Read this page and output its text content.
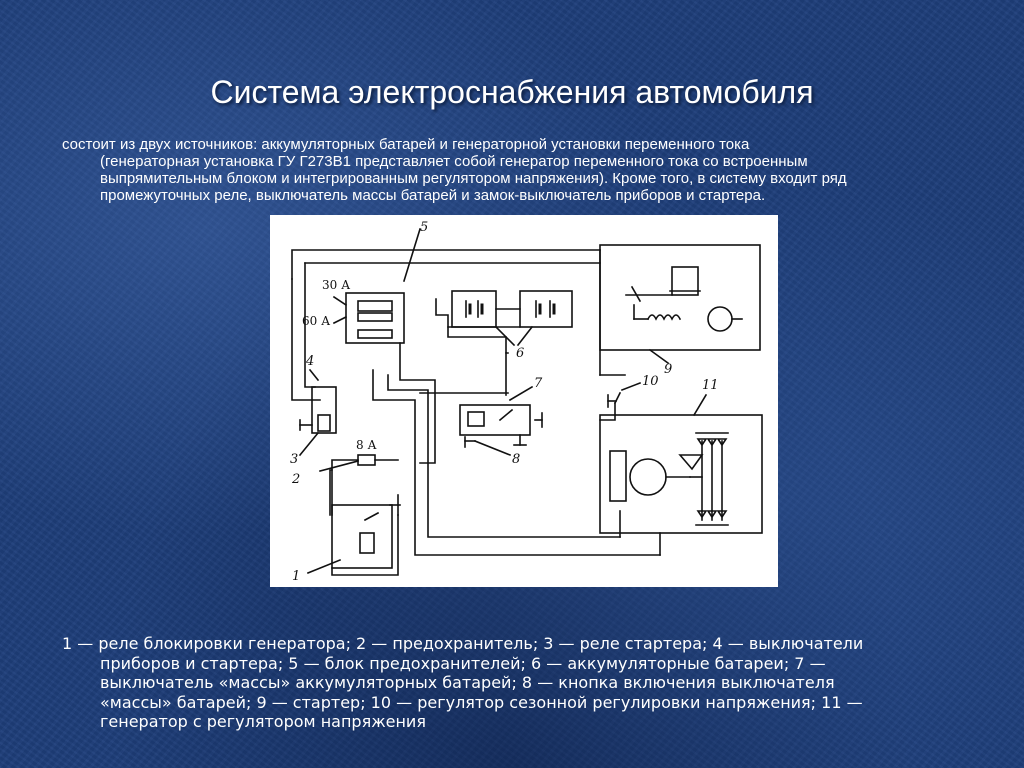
Система электроснабжения автомобиля
состоит из двух источников: аккумуляторных батарей и генераторной установки переменного тока
(генераторная установка ГУ Г273В1 представляет собой генератор переменного тока со встроенным
выпрямительным блоком и интегрированным регулятором напряжения). Кроме того, в систему входит ряд
промежуточных реле, выключатель массы батарей и замок-выключатель приборов и стартера.
5
30 А
60 А
4
3
8 А
2
1
6
7
8
9
10	11
1 — реле блокировки генератора; 2 — предохранитель; 3 — реле стартера; 4 — выключатели
приборов и стартера; 5 — блок предохранителей; 6 — аккумуляторные батареи; 7 —
выключатель «массы» аккумуляторных батарей; 8 — кнопка включения выключателя
«массы» батарей; 9 — стартер; 10 — регулятор сезонной регулировки напряжения; 11 —
генератор с регулятором напряжения
